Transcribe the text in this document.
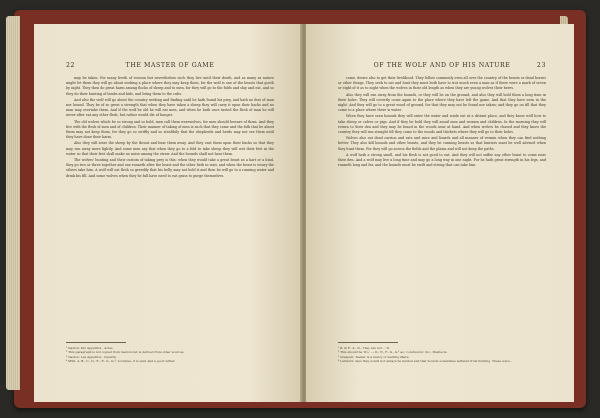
22	THE MASTER OF GAME

may be taken. For many liveth of venoun but nevertheless such they live until their death, and as many as nature might let them they will go about seeking a place where they may keep them, for the wolf is one of the beasts that goeth by night. They then do great harm among flocks of sheep and to men, for they will go to the folds and slay and eat, and so they do their hunting of lambs and kids, and bring them to the cubs.

And also the wolf will go about the country seeking and finding until he hath found his prey, and hath no fear of man nor hound. They be of so great a strength that when they have taken a sheep they will carry it upon their backs and no man may overtake them. And if the wolf be old he will eat men, and when he hath once tasted the flesh of man he will never after eat any other flesh, but rather would die of hunger.

The old wolves which be so strong and so bold, men call them werewolves, for men should beware of them. And they live with the flesh of men and of children. Their manner of taking of men is such that they come and the folk that be about them may not keep them, for they go so swiftly and so stealthily that the shepherds and herds may not see them until they have done their harm.

Also they will seize the sheep by the throat and bear them away. And they cast them upon their backs so that they may run away more lightly. And some men say that when they go to a fold to take sheep they will wet their feet in the water so that their feet shall make no noise among the straw. And the hounds shall not hear them.

The wolves' hunting and their custom of taking prey is this: when they would take a great beast as a hart or a hind, they go two or three together and one runneth after the beast and the other lieth in wait, and when the beast is weary the others take him. A wolf will eat flesh so greedily that his belly may not hold it and then he will go to a running water and drink his fill. And some wolves when they be full have need to eat grass to purge themselves.

¹ Gaston: Per Appetitos · Actes.
² This paragraph is not copied from Gaston but is derived from other sources.
³ Gaston: Les Appetitos · lupards.
⁴ MSS. A. B., C., D., E., F., G., G.²; Lorentes, it is said, and a good writer.
OF THE WOLF AND OF HIS NATURE	23

come, desire also to get their livelihood. They follow commonly even all over the country of the beasts or dead horses or other things. They seek to eat and hunt they must both have to trot much even a man as if there were a mark of seven or eight of it as to night when the wolves in their old length as when they are young wolves their heres.

Also they will run away from the hounds, or they will be on the ground, and also they will hold them a long time in their holes. They will covertly come again to the place where they have left the game. And that they have seen in the night. And they will go to a great wood of ground, for that they may not be found nor taken; and they go on till that they come to a place where there is water.

When they have seen hounds they will enter the water and wade out at a distant place, and they know well how to take sheep or calves or pigs. And if they be bold they will assail men and women and children. In the morning they will return to their den and they may be found in the woods near at hand. And when wolves be chased and they know the country they will run straight till they come to the woods and thickets where they will go to their holes.

Wolves also eat dead carrion and rats and mice and lizards and all manner of vermin when they can find nothing better. They also kill hounds and other beasts, and they be cunning beasts so that hunters must be well advised when they hunt them. For they will go across the fields and the plains and will not keep the paths.

A wolf hath a strong smell, and his flesh is not good to eat. And they will not suffer any other beast to come near their den. And a wolf may live a long time and may go a long way in one night. For he hath great strength in his legs, and runneth long and far, and the hounds must be swift and strong that can take him.

¹ B. & F., A., D., 'they are not...' D.
² This should be 'fro.' — D., E., F., G., G.² as, 'conclusion,' &c., Mentecis.
³ Graspuli: 'feeble' is a mercy of waiting dhere.
⁴ Lambert: says they would not always be hunted and that hounds sometimes suffered from hunting. These were...
